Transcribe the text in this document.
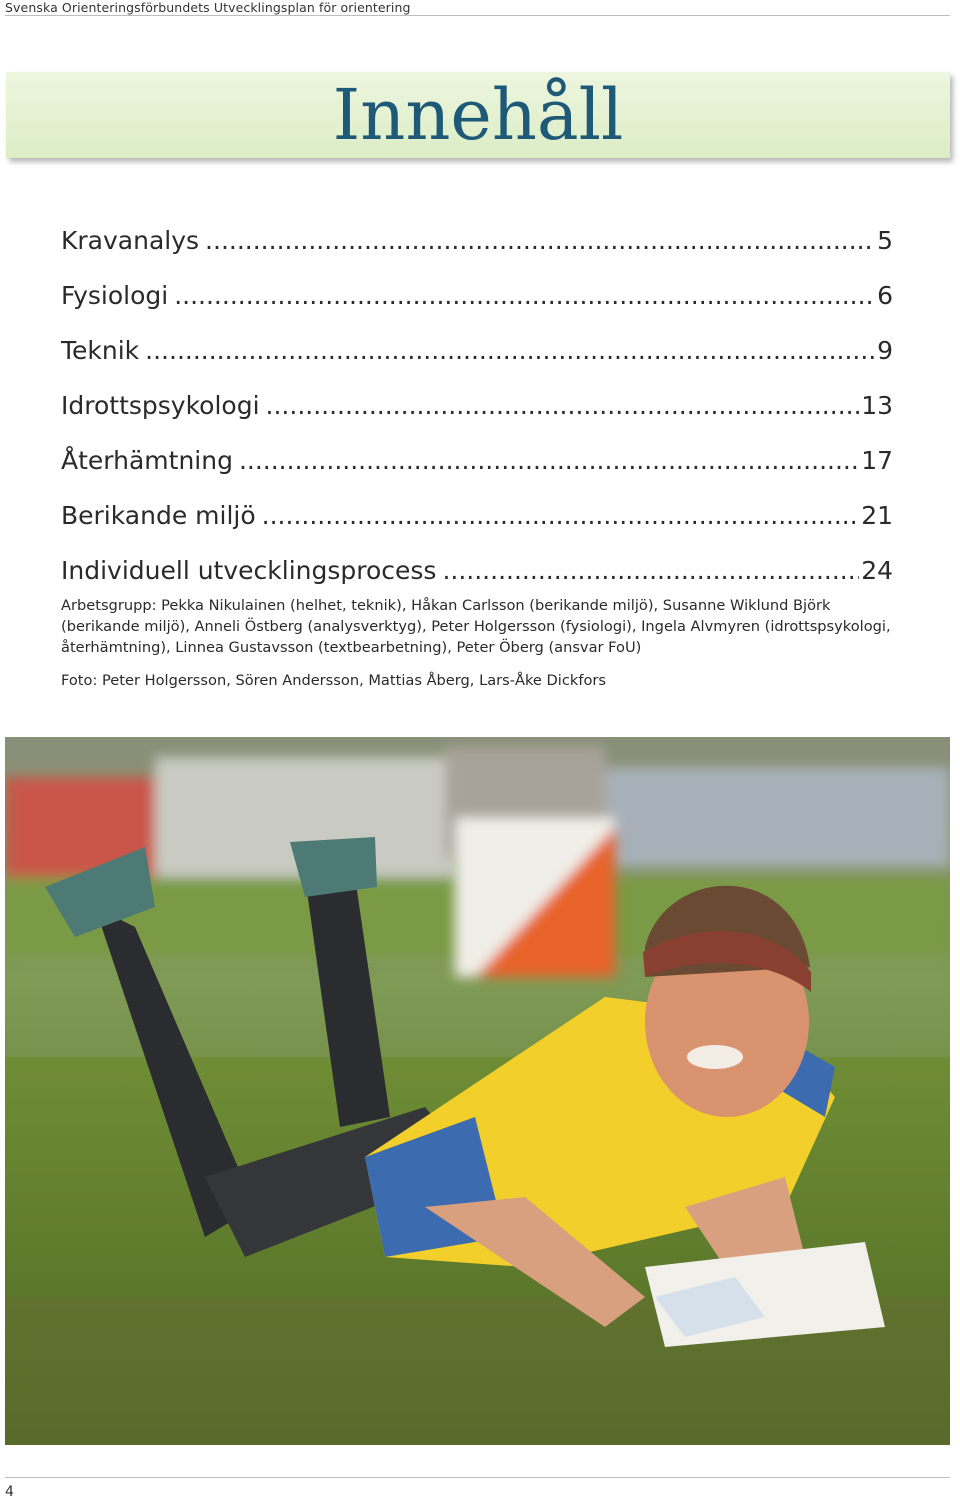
Svenska Orienteringsförbundets Utvecklingsplan för orientering
Innehåll
Kravanalys .....	5
Fysiologi .....	6
Teknik .....	9
Idrottspsykologi .....	13
Återhämtning .....	17
Berikande miljö .....	21
Individuell utvecklingsprocess .....	24

Arbetsgrupp: Pekka Nikulainen (helhet, teknik), Håkan Carlsson (berikande miljö), Susanne Wiklund Björk (berikande miljö), Anneli Östberg (analysverktyg), Peter Holgersson (fysiologi), Ingela Alvmyren (idrottspsykologi, återhämtning), Linnea Gustavsson (textbearbetning), Peter Öberg (ansvar FoU)

Foto: Peter Holgersson, Sören Andersson, Mattias Åberg, Lars-Åke Dickfors

4
